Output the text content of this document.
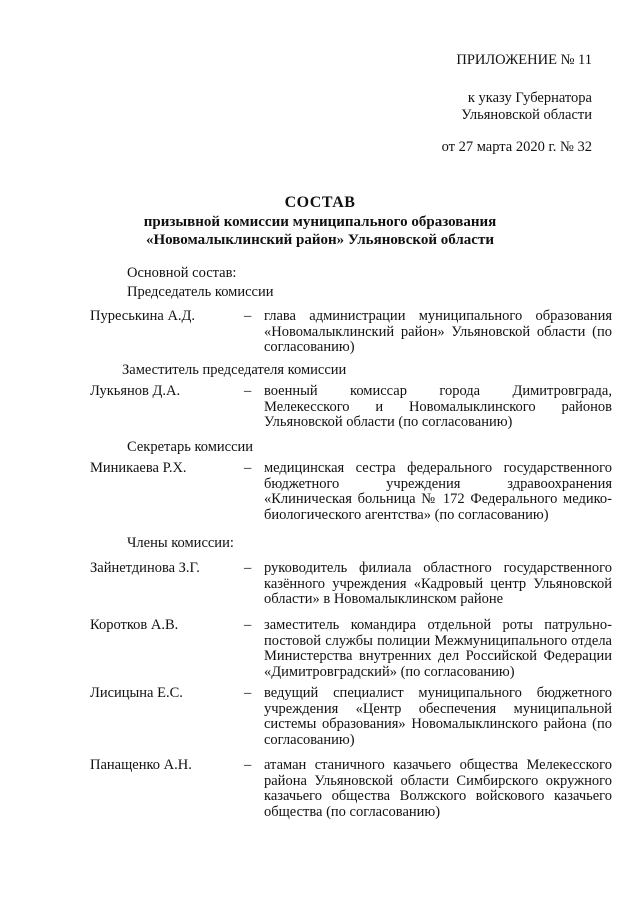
ПРИЛОЖЕНИЕ № 11
к указу Губернатора
Ульяновской области
от 27 марта 2020 г. № 32
СОСТАВ
призывной комиссии муниципального образования
«Новомалыклинский район» Ульяновской области
Основной состав:
Председатель комиссии
Пуреськина А.Д.	– глава администрации муниципального образования «Новомалыклинский район» Ульяновской области (по согласованию)
Заместитель председателя комиссии
Лукьянов Д.А.	– военный комиссар города Димитровграда, Мелекесского и Новомалыклинского районов Ульяновской области (по согласованию)
Секретарь комиссии
Миникаева Р.Х.	– медицинская сестра федерального государственного бюджетного учреждения здравоохранения «Клиническая больница № 172 Федерального медико-биологического агентства» (по согласованию)
Члены комиссии:
Зайнетдинова З.Г.	– руководитель филиала областного государственного казённого учреждения «Кадровый центр Ульяновской области» в Новомалыклинском районе
Коротков А.В.	– заместитель командира отдельной роты патрульно-постовой службы полиции Межмуниципального отдела Министерства внутренних дел Российской Федерации «Димитровградский» (по согласованию)
Лисицына Е.С.	– ведущий специалист муниципального бюджетного учреждения «Центр обеспечения муниципальной системы образования» Новомалыклинского района (по согласованию)
Панащенко А.Н.	– атаман станичного казачьего общества Мелекесского района Ульяновской области Симбирского окружного казачьего общества Волжского войскового казачьего общества (по согласованию)
